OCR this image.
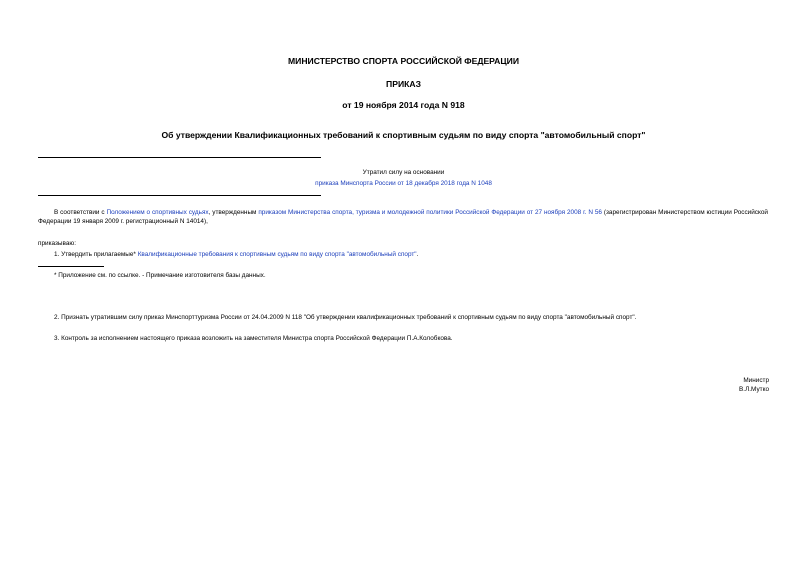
МИНИСТЕРСТВО СПОРТА РОССИЙСКОЙ ФЕДЕРАЦИИ
ПРИКАЗ
от 19 ноября 2014 года N 918
Об утверждении Квалификационных требований к спортивным судьям по виду спорта "автомобильный спорт"
Утратил силу на основании
приказа Минспорта России от 18 декабря 2018 года N 1048
В соответствии с Положением о спортивных судьях, утвержденным приказом Министерства спорта, туризма и молодежной политики Российской Федерации от 27 ноября 2008 г. N 56 (зарегистрирован Министерством юстиции Российской Федерации 19 января 2009 г. регистрационный N 14014),
приказываю:
1. Утвердить прилагаемые* Квалификационные требования к спортивным судьям по виду спорта "автомобильный спорт".
* Приложение см. по ссылке. - Примечание изготовителя базы данных.
2. Признать утратившим силу приказ Минспорттуризма России от 24.04.2009 N 118 "Об утверждении квалификационных требований к спортивным судьям по виду спорта "автомобильный спорт".
3. Контроль за исполнением настоящего приказа возложить на заместителя Министра спорта Российской Федерации П.А.Колобкова.
Министр
В.Л.Мутко
